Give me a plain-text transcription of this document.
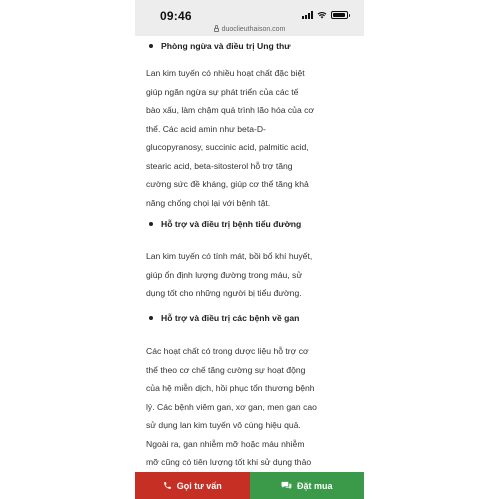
09:46
duoclieuthaison.com
Phòng ngừa và điều trị Ung thư
Lan kim tuyến có nhiều hoạt chất đặc biệt
giúp ngăn ngừa sự phát triển của các tế
bào xấu, làm chậm quá trình lão hóa của cơ
thể. Các acid amin như beta-D-
glucopyranosy, succinic acid, palmitic acid,
stearic acid, beta-sitosterol hỗ trợ tăng
cường sức đề kháng, giúp cơ thể tăng khả
năng chống chọi lại với bệnh tật.
Hỗ trợ và điều trị bệnh tiểu đường
Lan kim tuyến có tính mát, bồi bổ khí huyết,
giúp ổn định lượng đường trong máu, sử
dụng tốt cho những người bị tiểu đường.
Hỗ trợ và điều trị các bệnh về gan
Các hoạt chất có trong dược liệu hỗ trợ cơ
thể theo cơ chế tăng cường sự hoạt động
của hệ miễn dịch, hồi phục tổn thương bệnh
lý. Các bệnh viêm gan, xơ gan, men gan cao
sử dụng lan kim tuyến vô cùng hiệu quả.
Ngoài ra, gan nhiễm mỡ hoặc máu nhiễm
mỡ cũng có tiên lượng tốt khi sử dụng thảo
Gọi tư vấn	Đặt mua
